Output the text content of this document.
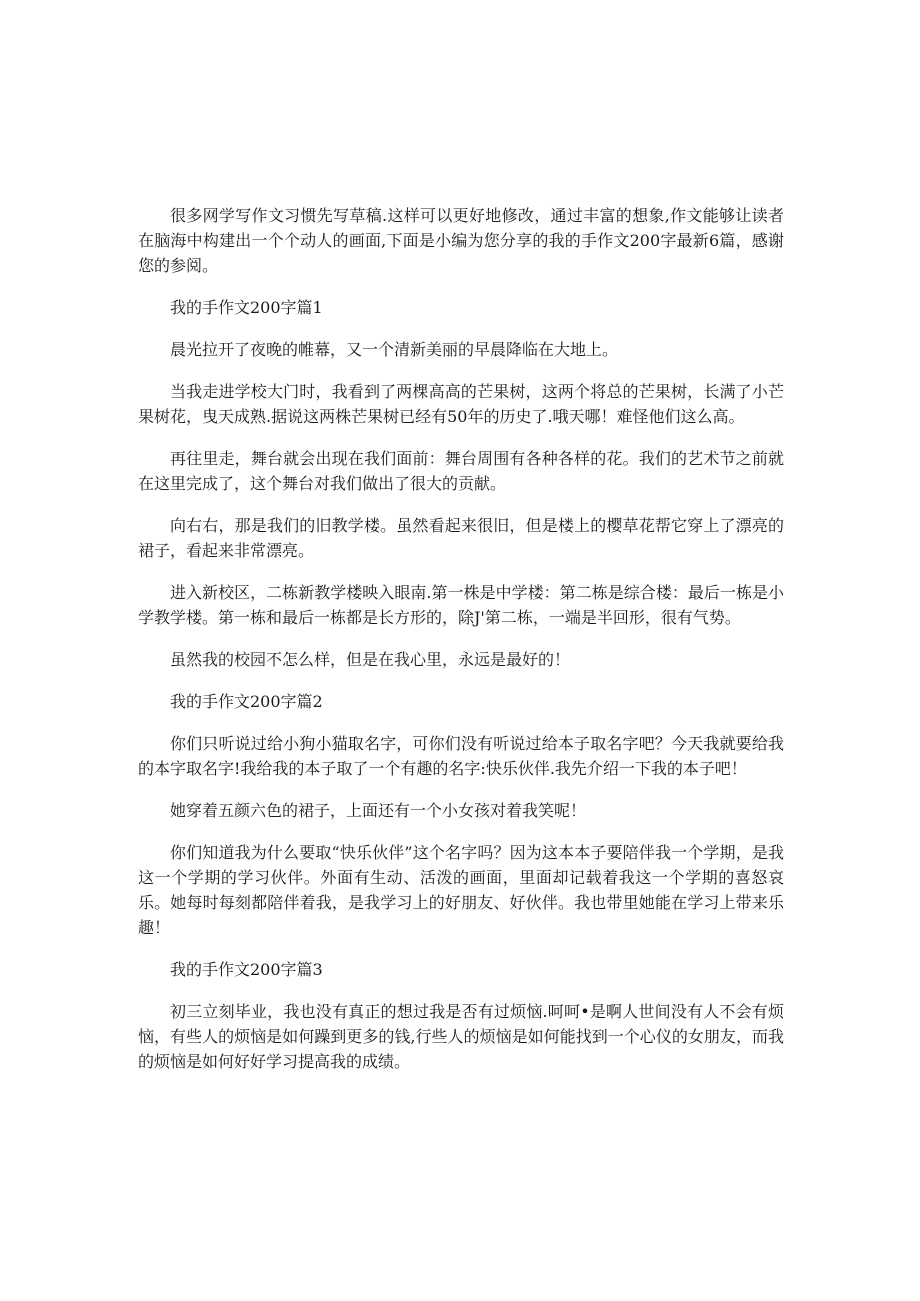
很多网学写作文习惯先写草稿.这样可以更好地修改，通过丰富的想象,作文能够让读者在脑海中构建出一个个动人的画面,下面是小编为您分享的我的手作文200字最新6篇，感谢您的参阅。

我的手作文200字篇1

晨光拉开了夜晚的帷幕，又一个清新美丽的早晨降临在大地上。

当我走进学校大门时，我看到了两棵高高的芒果树，这两个将总的芒果树，长满了小芒果树花，曳天成熟.据说这两株芒果树已经有50年的历史了.哦天哪！难怪他们这么高。

再往里走，舞台就会出现在我们面前：舞台周围有各种各样的花。我们的艺术节之前就在这里完成了，这个舞台对我们做出了很大的贡献。

向右右，那是我们的旧教学楼。虽然看起来很旧，但是楼上的樱草花帮它穿上了漂亮的裙子，看起来非常漂亮。

进入新校区，二栋新教学楼映入眼南.第一株是中学楼：第二栋是综合楼：最后一栋是小学教学楼。第一栋和最后一栋都是长方形的，除J'第二栋，一端是半回形，很有气势。

虽然我的校园不怎么样，但是在我心里，永远是最好的！

我的手作文200字篇2

你们只听说过给小狗小猫取名字，可你们没有听说过给本子取名字吧？今天我就要给我的本字取名字!我给我的本子取了一个有趣的名字:快乐伙伴.我先介绍一下我的本子吧！

她穿着五颜六色的裙子，上面还有一个小女孩对着我笑呢！

你们知道我为什么要取“快乐伙伴”这个名字吗？因为这本本子要陪伴我一个学期，是我这一个学期的学习伙伴。外面有生动、活泼的画面，里面却记载着我这一个学期的喜怒哀乐。她每时每刻都陪伴着我，是我学习上的好朋友、好伙伴。我也带里她能在学习上带来乐趣！

我的手作文200字篇3

初三立刻毕业，我也没有真正的想过我是否有过烦恼.呵呵•是啊人世间没有人不会有烦恼，有些人的烦恼是如何躁到更多的钱,行些人的烦恼是如何能找到一个心仪的女朋友，而我的烦恼是如何好好学习提高我的成绩。
